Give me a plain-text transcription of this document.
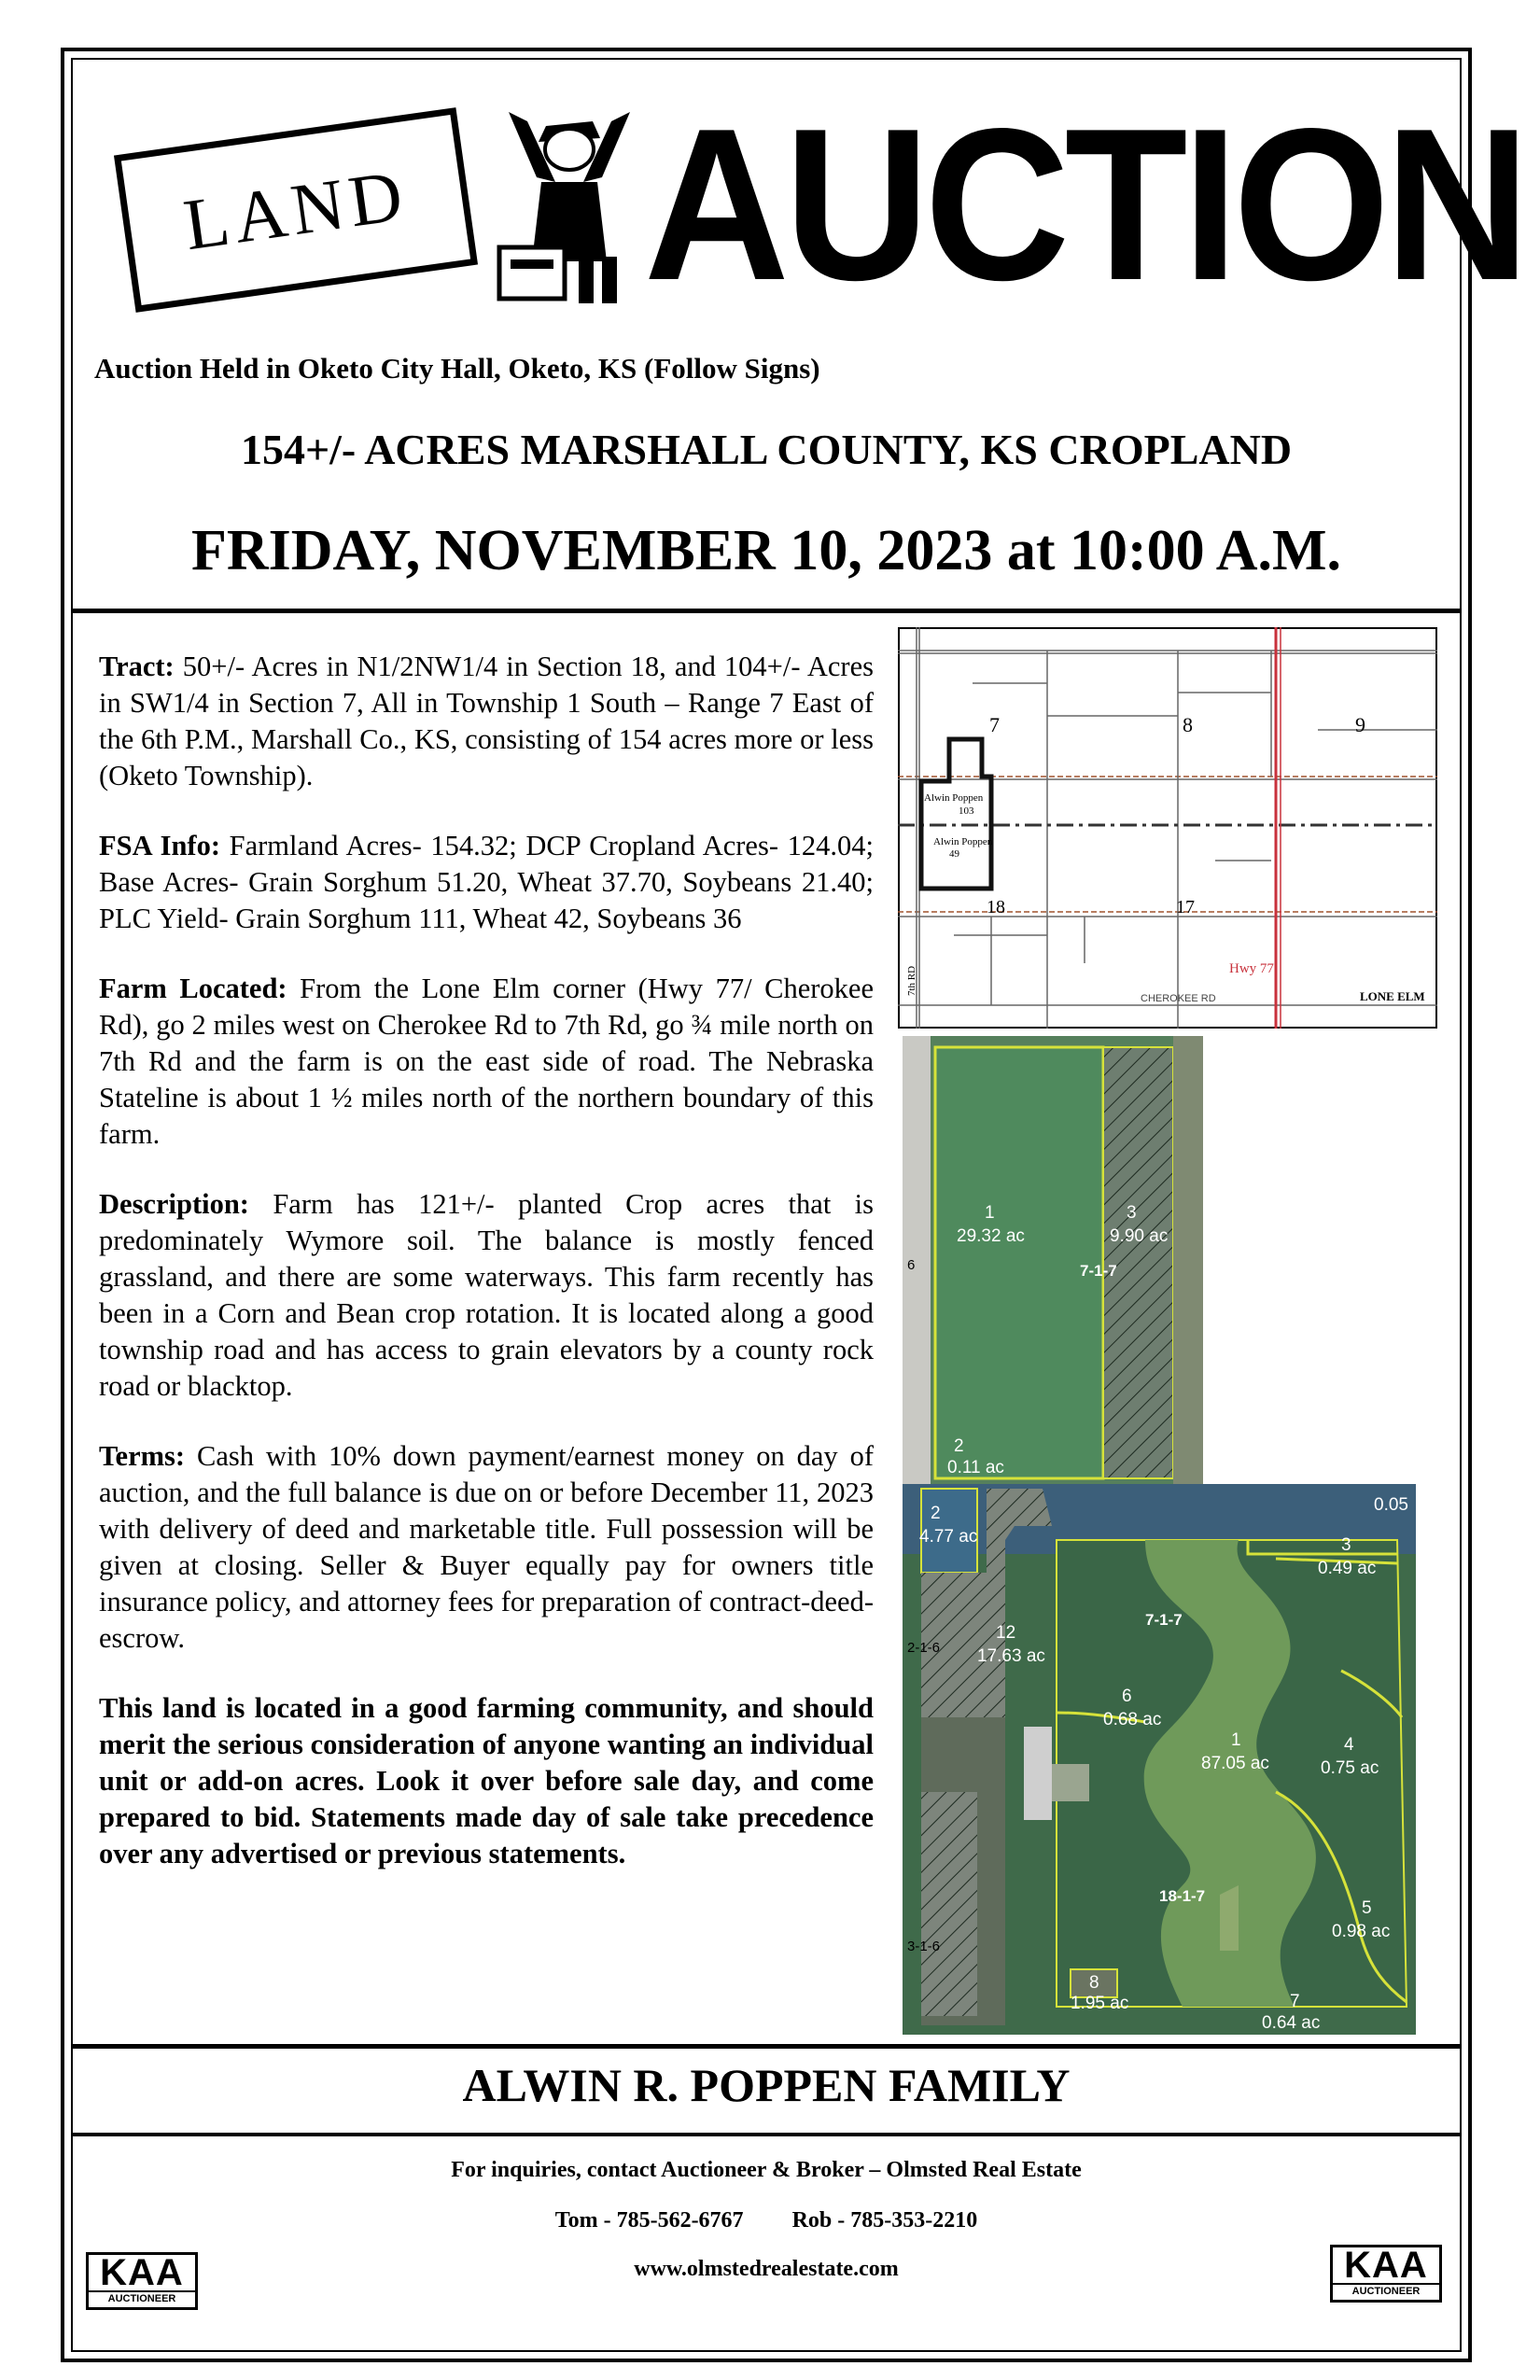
LAND AUCTION
Auction Held in Oketo City Hall, Oketo, KS (Follow Signs)
154+/- ACRES MARSHALL COUNTY, KS CROPLAND
FRIDAY, NOVEMBER 10, 2023 at 10:00 A.M.

Tract: 50+/- Acres in N1/2NW1/4 in Section 18, and 104+/- Acres in SW1/4 in Section 7, All in Township 1 South – Range 7 East of the 6th P.M., Marshall Co., KS, consisting of 154 acres more or less (Oketo Township).

FSA Info: Farmland Acres- 154.32; DCP Cropland Acres- 124.04; Base Acres- Grain Sorghum 51.20, Wheat 37.70, Soybeans 21.40; PLC Yield- Grain Sorghum 111, Wheat 42, Soybeans 36

Farm Located: From the Lone Elm corner (Hwy 77/ Cherokee Rd), go 2 miles west on Cherokee Rd to 7th Rd, go ¾ mile north on 7th Rd and the farm is on the east side of road. The Nebraska Stateline is about 1 ½ miles north of the northern boundary of this farm.

Description: Farm has 121+/- planted Crop acres that is predominately Wymore soil. The balance is mostly fenced grassland, and there are some waterways. This farm recently has been in a Corn and Bean crop rotation. It is located along a good township road and has access to grain elevators by a county rock road or blacktop.

Terms: Cash with 10% down payment/earnest money on day of auction, and the full balance is due on or before December 11, 2023 with delivery of deed and marketable title. Full possession will be given at closing. Seller & Buyer equally pay for owners title insurance policy, and attorney fees for preparation of contract-deed-escrow.

This land is located in a good farming community, and should merit the serious consideration of anyone wanting an individual unit or add-on acres. Look it over before sale day, and come prepared to bid. Statements made day of sale take precedence over any advertised or previous statements.

7	8	9
18	17
Alwin Poppen
103
Alwin Poppen
49
7th RD
CHEROKEE RD
Hwy 77
LONE ELM
1
29.32 ac
3
9.90 ac
7-1-7
2
0.11 ac
6
2
4.77 ac
12
17.63 ac
3
0.49 ac
0.05
7-1-7
6
0.68 ac
1
87.05 ac
4
0.75 ac
18-1-7
5
0.98 ac
8
1.95 ac	7
0.64 ac
2-1-6
3-1-6
ALWIN R. POPPEN FAMILY
For inquiries, contact Auctioneer & Broker – Olmsted Real Estate
Tom - 785-562-6767 Rob - 785-353-2210
www.olmstedrealestate.com
KAA
AUCTIONEER
KAA
AUCTIONEER
